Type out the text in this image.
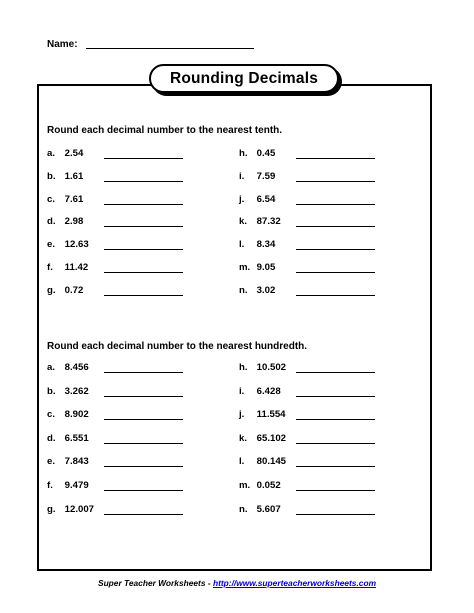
Name:
Rounding Decimals
Round each decimal number to the nearest tenth.
Round each decimal number to the nearest hundredth.
a. 2.54
b. 1.61
c. 7.61
d. 2.98
e. 12.63
f. 11.42
g. 0.72
h. 0.45
i. 7.59
j. 6.54
k. 87.32
l. 8.34
m. 9.05
n. 3.02
a. 8.456
b. 3.262
c. 8.902
d. 6.551
e. 7.843
f. 9.479
g. 12.007
h. 10.502
i. 6.428
j. 11.554
k. 65.102
l. 80.145
m. 0.052
n. 5.607
Super Teacher Worksheets - http://www.superteacherworksheets.com
